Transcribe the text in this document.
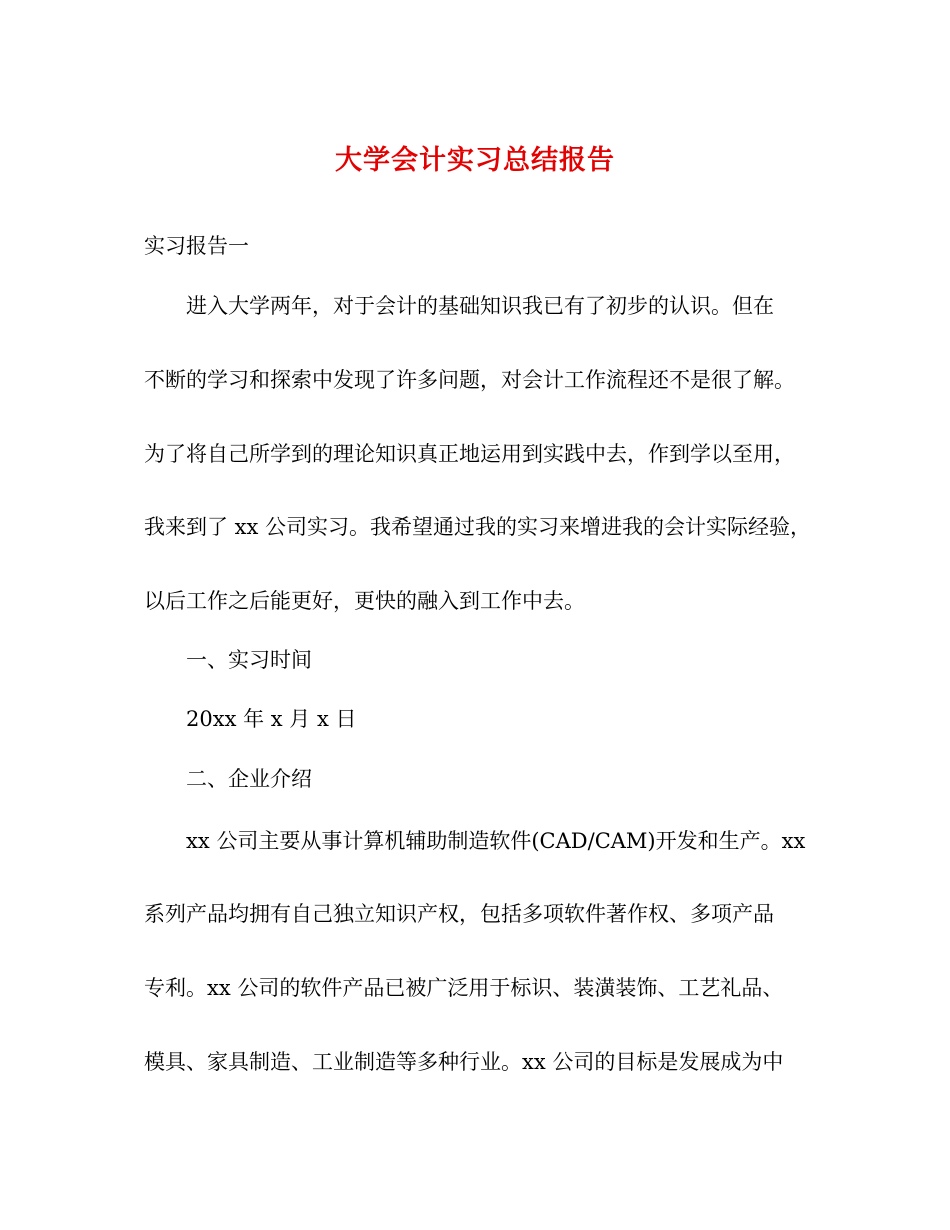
大学会计实习总结报告
实习报告一
进入大学两年，对于会计的基础知识我已有了初步的认识。但在
不断的学习和探索中发现了许多问题，对会计工作流程还不是很了解。
为了将自己所学到的理论知识真正地运用到实践中去，作到学以至用，
我来到了 xx 公司实习。我希望通过我的实习来增进我的会计实际经验，
以后工作之后能更好，更快的融入到工作中去。
一、实习时间
20xx 年 x 月 x 日
二、企业介绍
xx 公司主要从事计算机辅助制造软件(CAD/CAM)开发和生产。xx
系列产品均拥有自己独立知识产权，包括多项软件著作权、多项产品
专利。xx 公司的软件产品已被广泛用于标识、装潢装饰、工艺礼品、
模具、家具制造、工业制造等多种行业。xx 公司的目标是发展成为中
